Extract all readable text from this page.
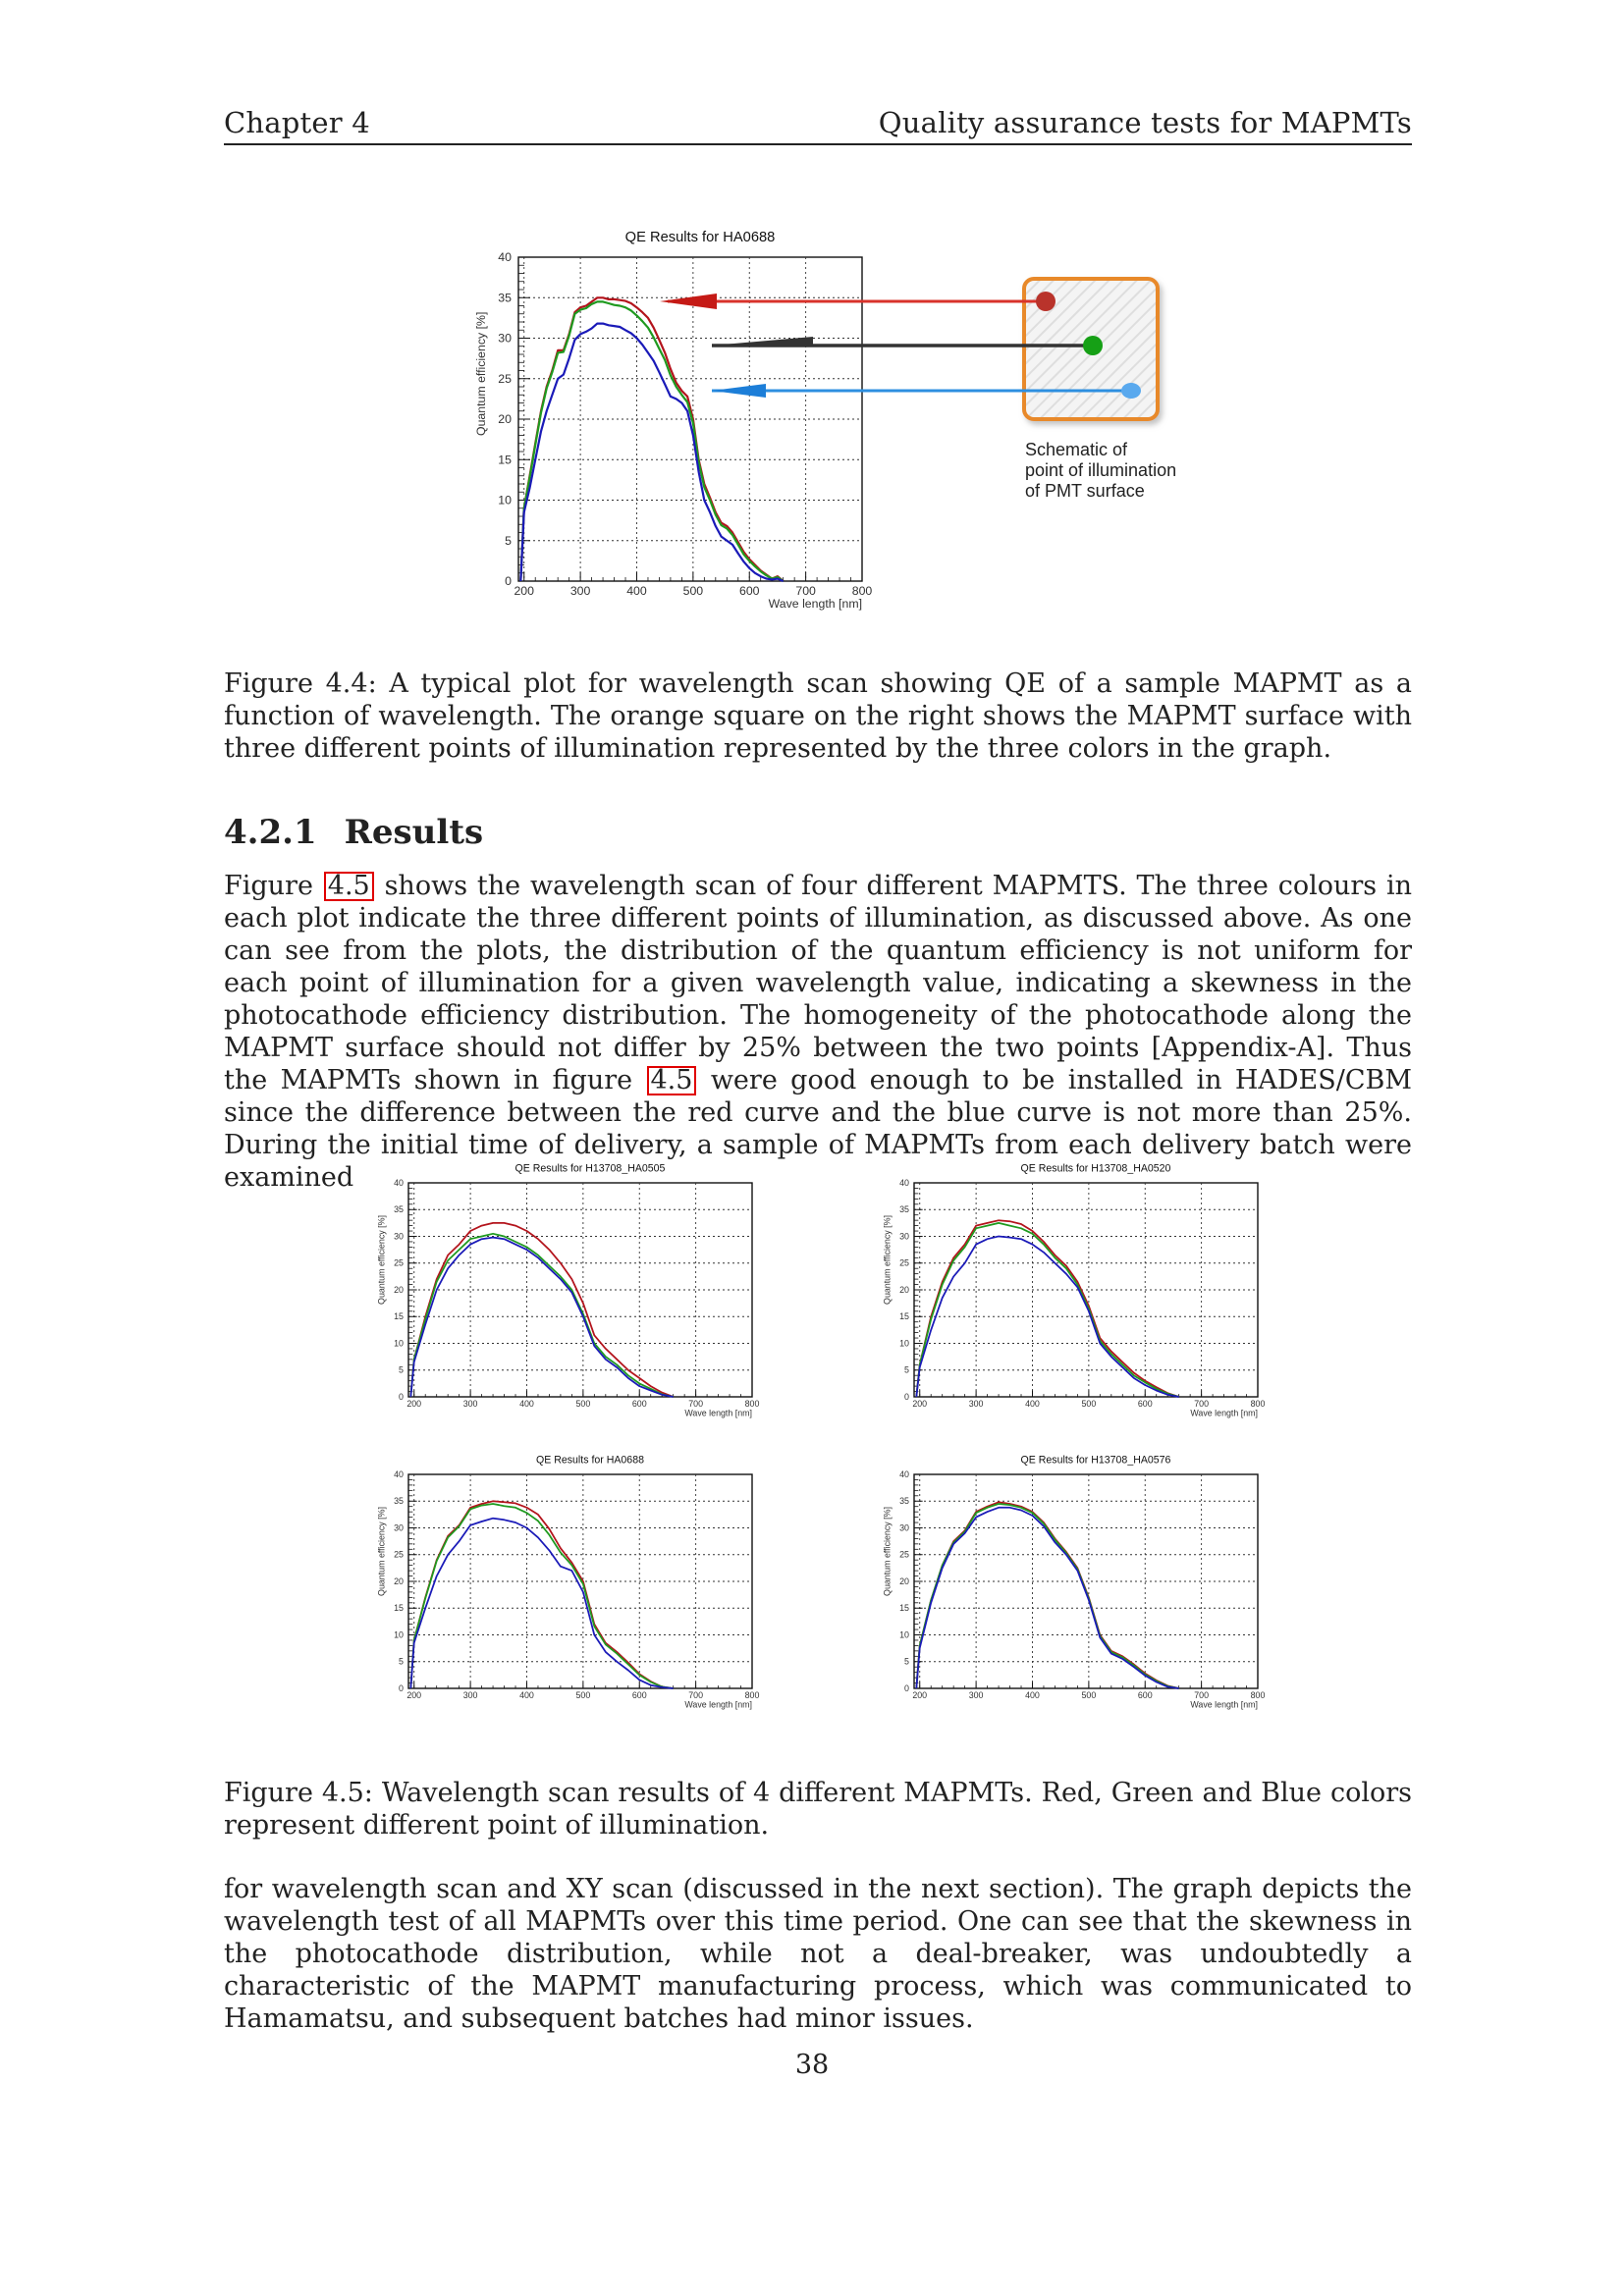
Chapter 4	Quality assurance tests for MAPMTs
QE Results for HA0688
200	300	400	500	600	700	800
0
5
10
15
20
25
30
35
40
Wave length [nm]
Quantum efficiency [%]
Schematic of
point of illumination
of PMT surface
Figure 4.4: A typical plot for wavelength scan showing QE of a sample MAPMT as a function of wavelength. The orange square on the right shows the MAPMT surface with three different points of illumination represented by the three colors in the graph.
4.2.1 Results
Figure 4.5 shows the wavelength scan of four different MAPMTS. The three colours in each plot indicate the three different points of illumination, as discussed above. As one can see from the plots, the distribution of the quantum efficiency is not uniform for each point of illumination for a given wavelength value, indicating a skewness in the photocathode efficiency distribution. The homogeneity of the photocathode along the MAPMT surface should not differ by 25% between the two points [Appendix-A]. Thus the MAPMTs shown in figure 4.5 were good enough to be installed in HADES/CBM since the difference between the red curve and the blue curve is not more than 25%. During the initial time of delivery, a sample of MAPMTs from each delivery batch were examined	QE Results for H13708_HA0505
200	300	400	500	600	700	800
0
5
10
15
20
25
30
35
40
Wave length [nm]
Quantum efficiency [%]
QE Results for H13708_HA0520
200	300	400	500	600	700	800
0
5
10
15
20
25
30
35
40
Wave length [nm]
Quantum efficiency [%]
QE Results for HA0688
200	300	400	500	600	700	800
0
5
10
15
20
25
30
35
40
Wave length [nm]
Quantum efficiency [%]
QE Results for H13708_HA0576
200	300	400	500	600	700	800
0
5
10
15
20
25
30
35
40
Wave length [nm]
Quantum efficiency [%]
Figure 4.5: Wavelength scan results of 4 different MAPMTs. Red, Green and Blue colors represent different point of illumination.
for wavelength scan and XY scan (discussed in the next section). The graph depicts the wavelength test of all MAPMTs over this time period. One can see that the skewness in the photocathode distribution, while not a deal-breaker, was undoubtedly a characteristic of the MAPMT manufacturing process, which was communicated to Hamamatsu, and subsequent batches had minor issues.
38
